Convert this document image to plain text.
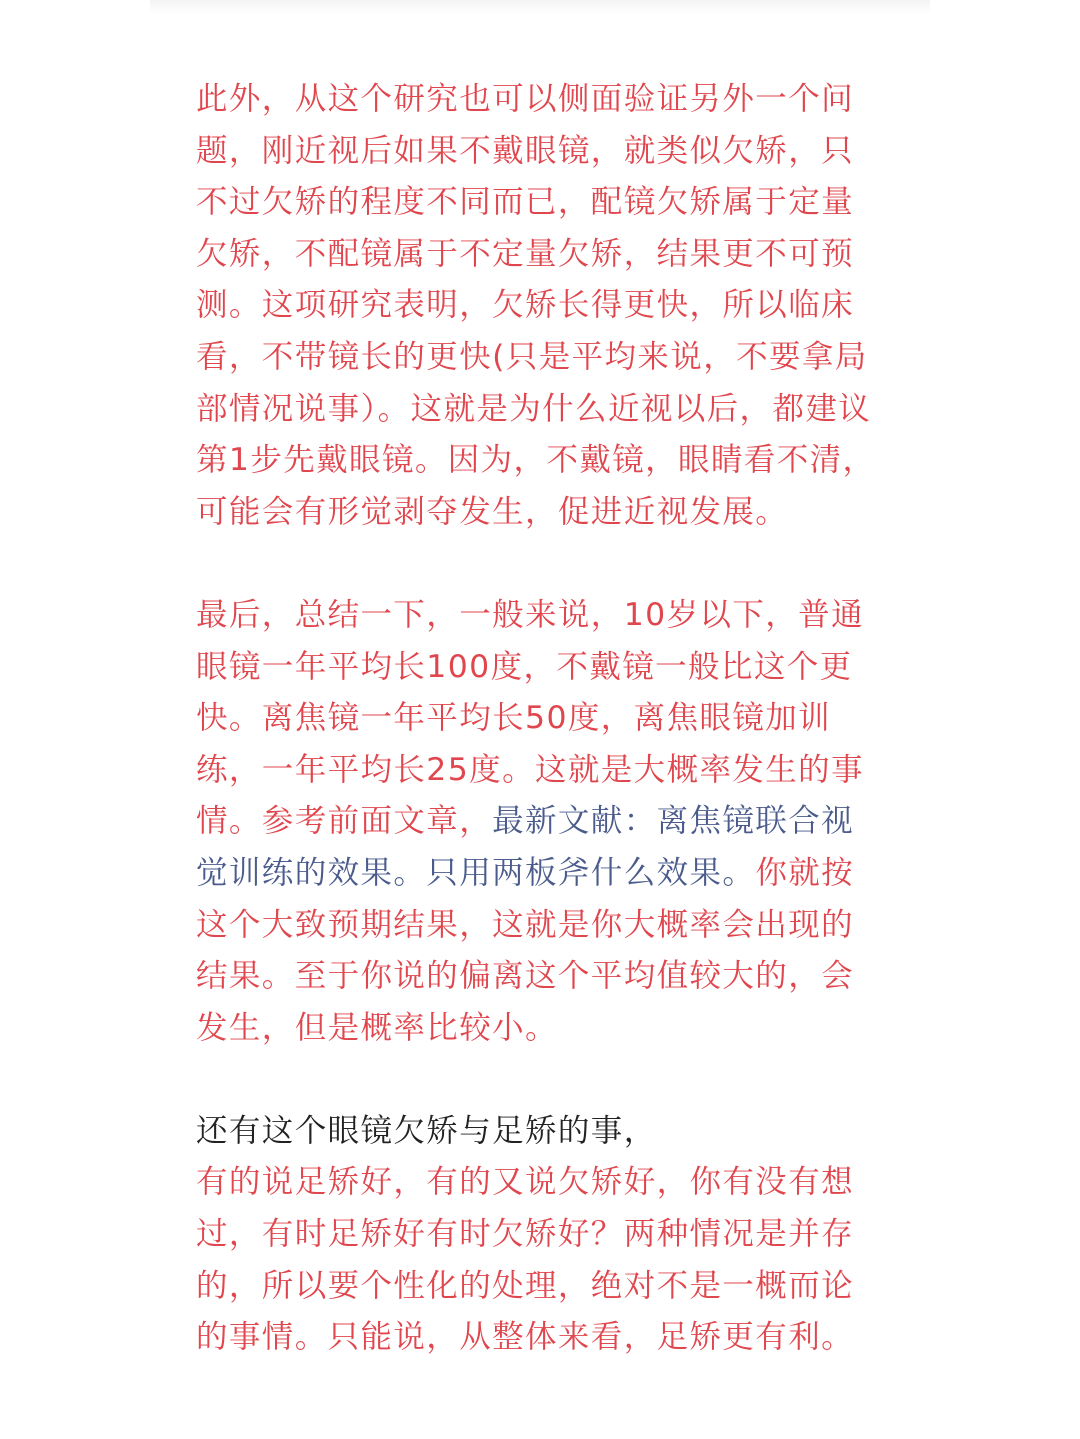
此外，从这个研究也可以侧面验证另外一个问题，刚近视后如果不戴眼镜，就类似欠矫，只不过欠矫的程度不同而已，配镜欠矫属于定量欠矫，不配镜属于不定量欠矫，结果更不可预测。这项研究表明，欠矫长得更快，所以临床看，不带镜长的更快(只是平均来说，不要拿局部情况说事）。这就是为什么近视以后，都建议第1步先戴眼镜。因为，不戴镜，眼睛看不清，可能会有形觉剥夺发生，促进近视发展。

最后，总结一下，一般来说，10岁以下，普通眼镜一年平均长100度，不戴镜一般比这个更快。离焦镜一年平均长50度，离焦眼镜加训练，一年平均长25度。这就是大概率发生的事情。参考前面文章，最新文献：离焦镜联合视觉训练的效果。只用两板斧什么效果。你就按这个大致预期结果，这就是你大概率会出现的结果。至于你说的偏离这个平均值较大的，会发生，但是概率比较小。

还有这个眼镜欠矫与足矫的事，
有的说足矫好，有的又说欠矫好，你有没有想过，有时足矫好有时欠矫好？两种情况是并存的，所以要个性化的处理，绝对不是一概而论的事情。只能说，从整体来看，足矫更有利。
